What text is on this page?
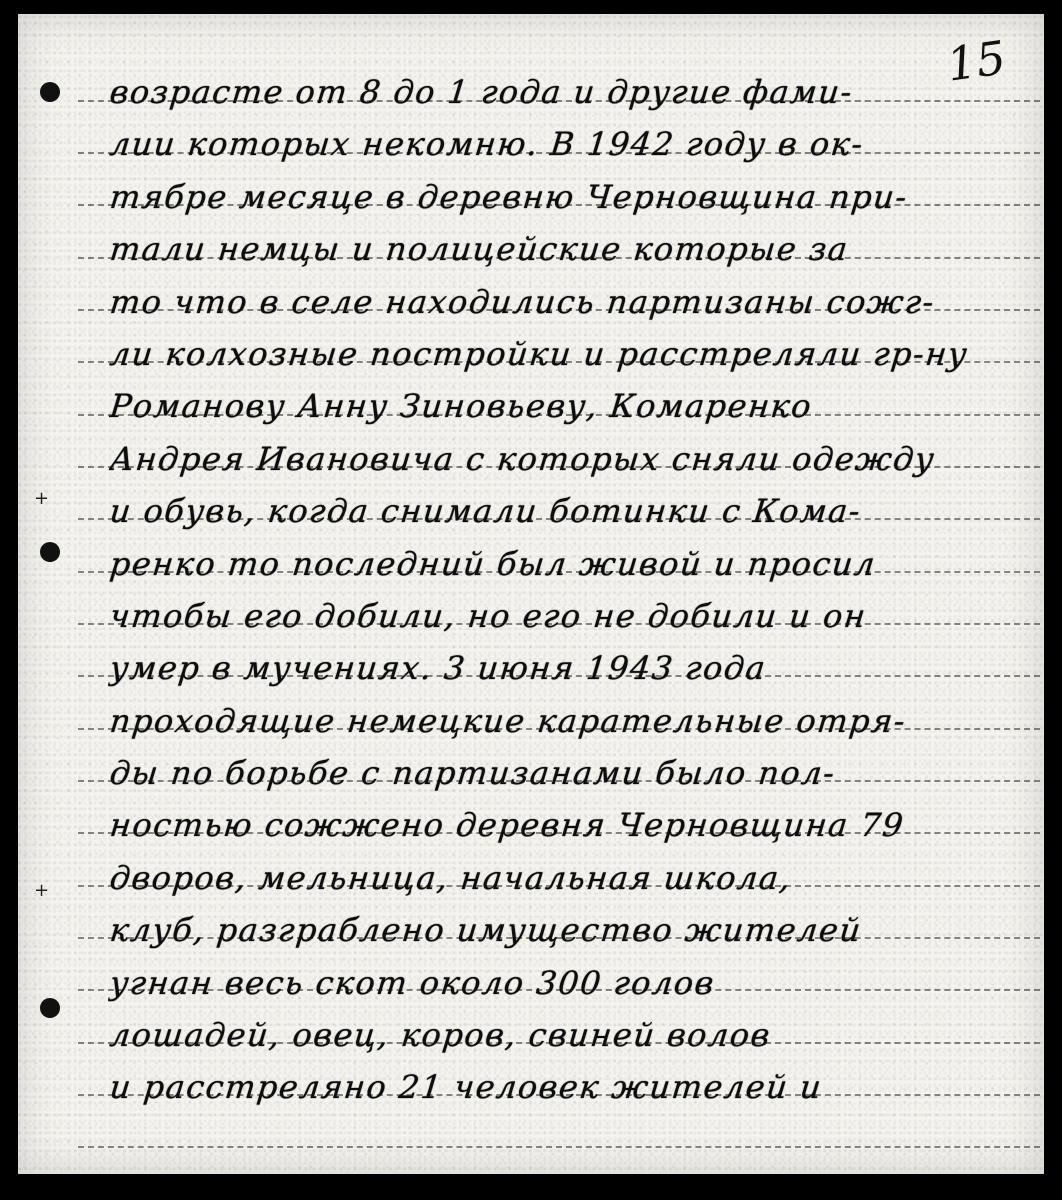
+
+
15
возрасте от 8 до 1 года и другие фами-
лии которых некомню. В 1942 году в ок-
тябре месяце в деревню Черновщина при-
тали немцы и полицейские которые за
то что в селе находились партизаны сожг-
ли колхозные постройки и расстреляли гр-ну
Романову Анну Зиновьеву, Комаренко
Андрея Ивановича с которых сняли одежду
и обувь, когда снимали ботинки с Кома-
ренко то последний был живой и просил
чтобы его добили, но его не добили и он
умер в мучениях. 3 июня 1943 года
проходящие немецкие карательные отря-
ды по борьбе с партизанами было пол-
ностью сожжено деревня Черновщина 79
дворов, мельница, начальная школа,
клуб, разграблено имущество жителей
угнан весь скот около 300 голов
лошадей, овец, коров, свиней волов
и расстреляно 21 человек жителей и
